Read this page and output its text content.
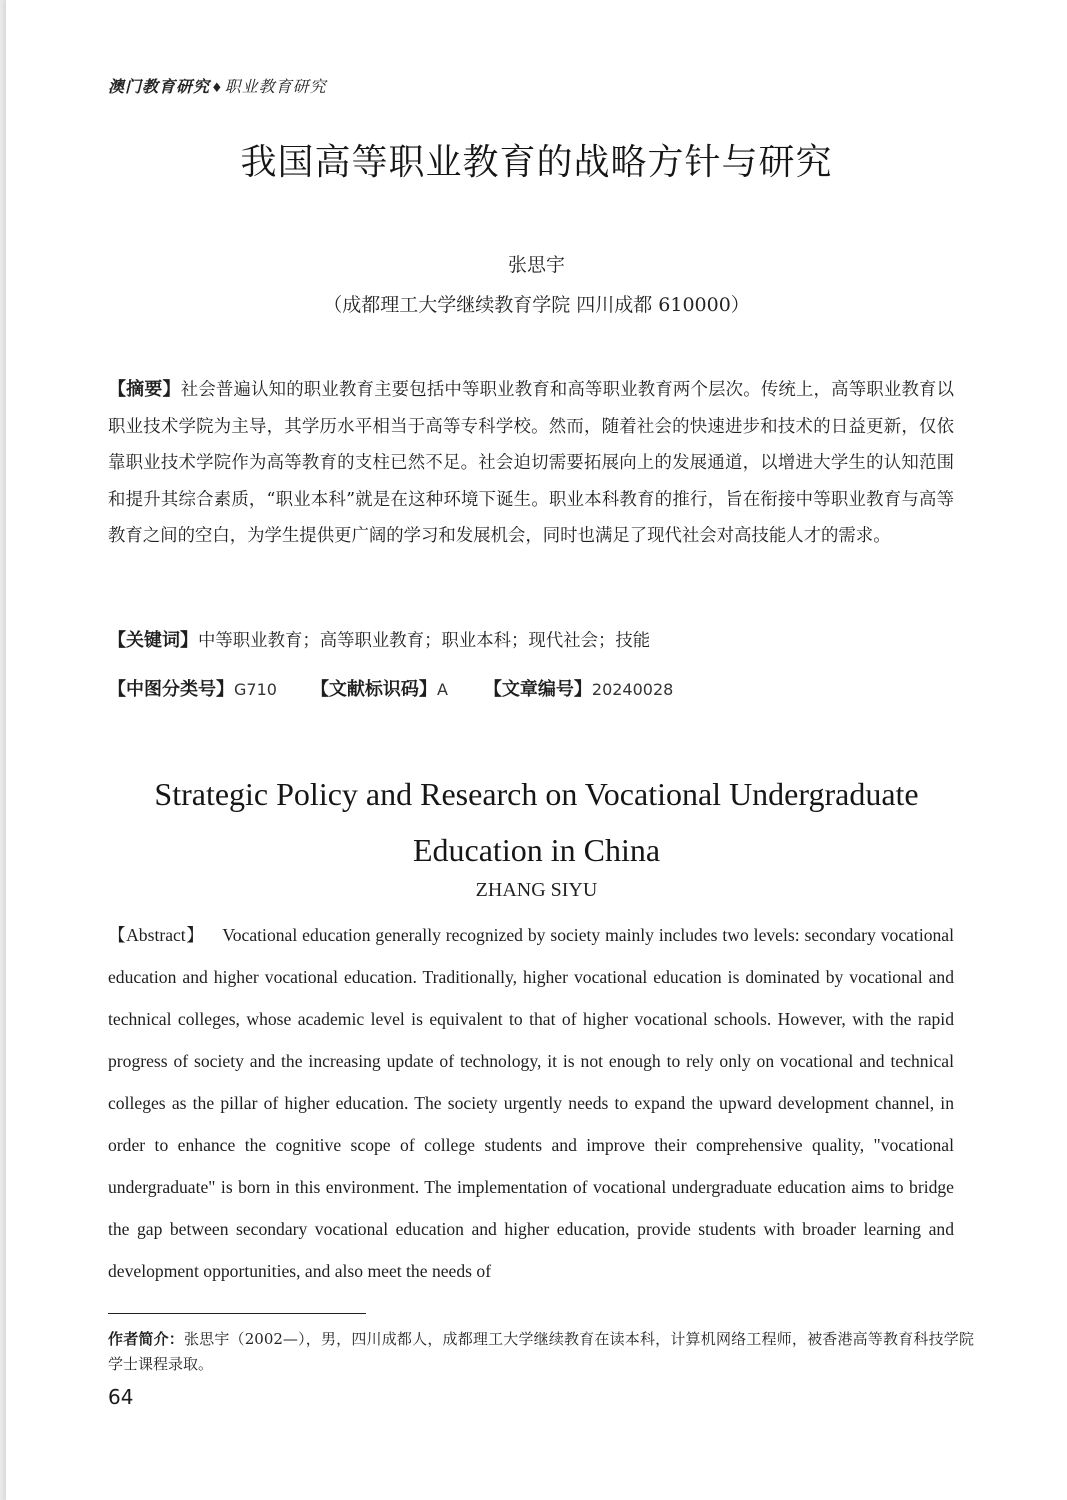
澳门教育研究♦职业教育研究
我国高等职业教育的战略方针与研究
张思宇
（成都理工大学继续教育学院 四川成都 610000）
【摘要】社会普遍认知的职业教育主要包括中等职业教育和高等职业教育两个层次。传统上，高等职业教育以职业技术学院为主导，其学历水平相当于高等专科学校。然而，随着社会的快速进步和技术的日益更新，仅依靠职业技术学院作为高等教育的支柱已然不足。社会迫切需要拓展向上的发展通道，以增进大学生的认知范围和提升其综合素质，“职业本科”就是在这种环境下诞生。职业本科教育的推行，旨在衔接中等职业教育与高等教育之间的空白，为学生提供更广阔的学习和发展机会，同时也满足了现代社会对高技能人才的需求。
【关键词】中等职业教育；高等职业教育；职业本科；现代社会；技能
【中图分类号】G710 【文献标识码】A 【文章编号】20240028
Strategic Policy and Research on Vocational Undergraduate
Education in China
ZHANG SIYU
【Abstract】 Vocational education generally recognized by society mainly includes two levels: secondary vocational education and higher vocational education. Traditionally, higher vocational education is dominated by vocational and technical colleges, whose academic level is equivalent to that of higher vocational schools. However, with the rapid progress of society and the increasing update of technology, it is not enough to rely only on vocational and technical colleges as the pillar of higher education. The society urgently needs to expand the upward development channel, in order to enhance the cognitive scope of college students and improve their comprehensive quality, "vocational undergraduate" is born in this environment. The implementation of vocational undergraduate education aims to bridge the gap between secondary vocational education and higher education, provide students with broader learning and development opportunities, and also meet the needs of
作者简介：张思宇（2002—），男，四川成都人，成都理工大学继续教育在读本科，计算机网络工程师，被香港高等教育科技学院学士课程录取。
64
